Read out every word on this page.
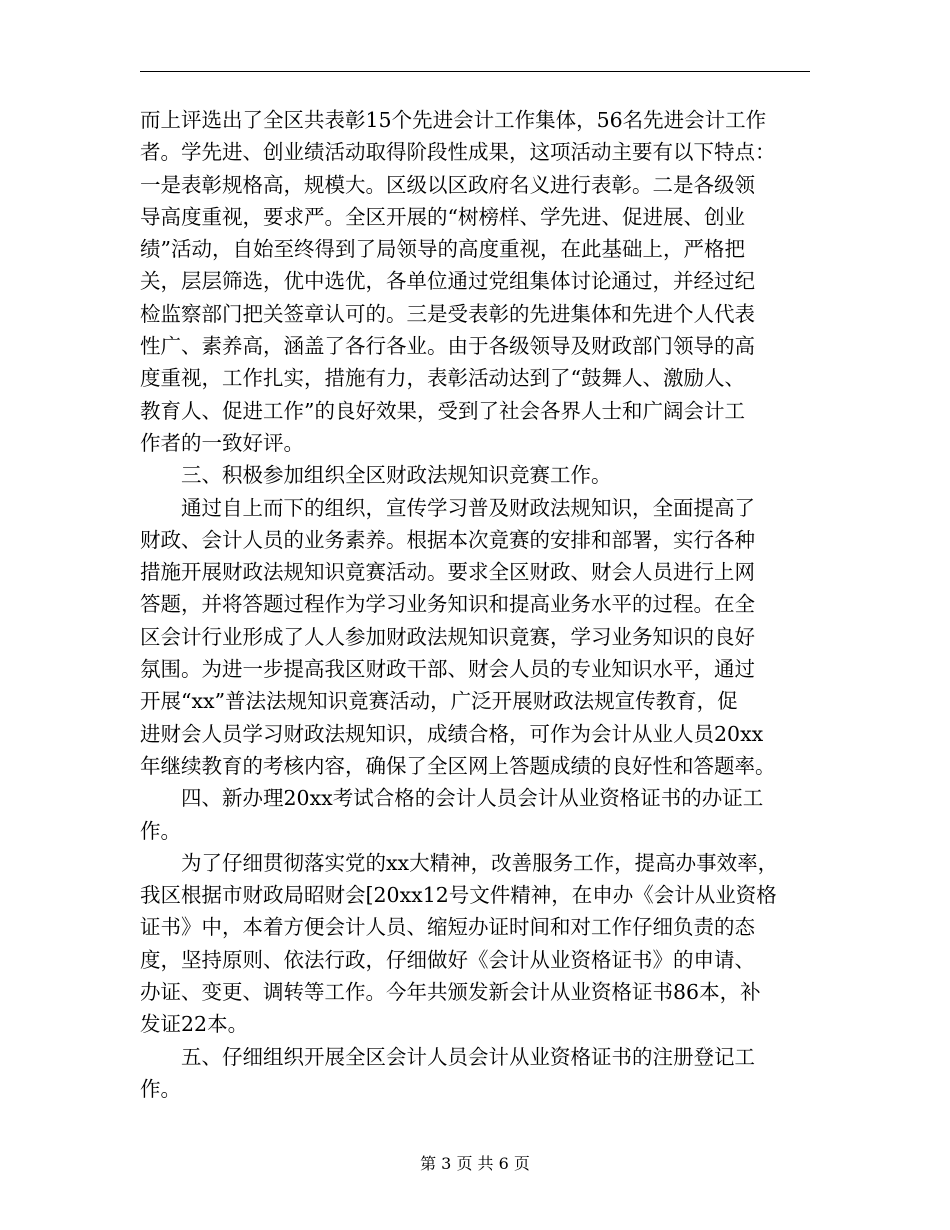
而上评选出了全区共表彰15个先进会计工作集体，56名先进会计工作
者。学先进、创业绩活动取得阶段性成果，这项活动主要有以下特点：
一是表彰规格高，规模大。区级以区政府名义进行表彰。二是各级领
导高度重视，要求严。全区开展的“树榜样、学先进、促进展、创业
绩”活动，自始至终得到了局领导的高度重视，在此基础上，严格把
关，层层筛选，优中选优，各单位通过党组集体讨论通过，并经过纪
检监察部门把关签章认可的。三是受表彰的先进集体和先进个人代表
性广、素养高，涵盖了各行各业。由于各级领导及财政部门领导的高
度重视，工作扎实，措施有力，表彰活动达到了“鼓舞人、激励人、
教育人、促进工作”的良好效果，受到了社会各界人士和广阔会计工
作者的一致好评。
　　三、积极参加组织全区财政法规知识竞赛工作。
　　通过自上而下的组织，宣传学习普及财政法规知识，全面提高了
财政、会计人员的业务素养。根据本次竟赛的安排和部署，实行各种
措施开展财政法规知识竟赛活动。要求全区财政、财会人员进行上网
答题，并将答题过程作为学习业务知识和提高业务水平的过程。在全
区会计行业形成了人人参加财政法规知识竟赛，学习业务知识的良好
氛围。为进一步提高我区财政干部、财会人员的专业知识水平，通过
开展“xx”普法法规知识竟赛活动，广泛开展财政法规宣传教育，促
进财会人员学习财政法规知识，成绩合格，可作为会计从业人员20xx
年继续教育的考核内容，确保了全区网上答题成绩的良好性和答题率。
　　四、新办理20xx考试合格的会计人员会计从业资格证书的办证工
作。
　　为了仔细贯彻落实党的xx大精神，改善服务工作，提高办事效率，
我区根据市财政局昭财会[20xx12号文件精神，在申办《会计从业资格
证书》中，本着方便会计人员、缩短办证时间和对工作仔细负责的态
度，坚持原则、依法行政，仔细做好《会计从业资格证书》的申请、
办证、变更、调转等工作。今年共颁发新会计从业资格证书86本，补
发证22本。
　　五、仔细组织开展全区会计人员会计从业资格证书的注册登记工
作。
第 3 页 共 6 页
